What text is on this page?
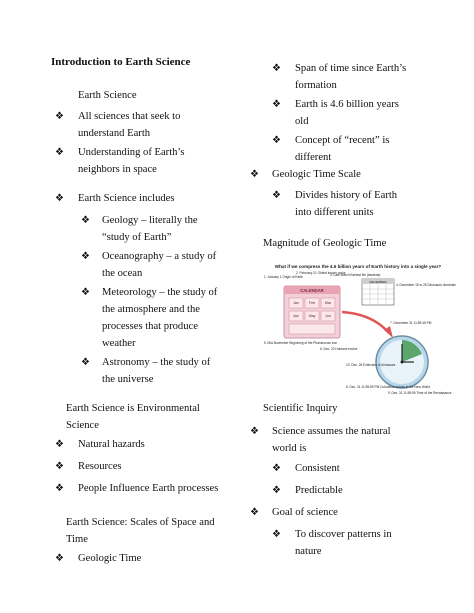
Introduction to Earth Science
Earth Science
❖ All sciences that seek to
understand Earth
❖ Understanding of Earth’s
neighbors in space
❖ Earth Science includes
❖ Geology – literally the
“study of Earth”
❖ Oceanography – a study of
the ocean
❖ Meteorology – the study of
the atmosphere and the
processes that produce
weather
❖ Astronomy – the study of
the universe
Earth Science is Environmental
Science
❖ Natural hazards
❖ Resources
❖ People Influence Earth processes
Earth Science: Scales of Space and
Time
❖ Geologic Time
❖ Span of time since Earth’s
formation
❖ Earth is 4.6 billion years
old
❖ Concept of “recent” is
different
❖ Geologic Time Scale
❖ Divides history of Earth
into different units
Magnitude of Geologic Time
What if we compress the 4.6 billion years of Earth history into a single year?
1. January 1 Origin of Earth
2. February 21 Oldest known rocks
3. Late March Earliest life (bacteria)
CALENDAR
Jan	Feb	Mar
Apr	May	Jun
DECEMBER
4. December 15 to 25 Dinosaurs dominate
5. Mid-November Beginning of the Phanerozoic eon
6. Dec. 22 Humans evolve
7. December 31 11:59:45 PM
8. Dec. 31 11:59:59 PM Columbus arrives in the New World
9. Dec. 31 11:59:59 Time of the Renaissance
10. Dec. 26 Extinction of dinosaurs
Scientific Inquiry
❖ Science assumes the natural
world is
❖ Consistent
❖ Predictable
❖ Goal of science
❖ To discover patterns in
nature
